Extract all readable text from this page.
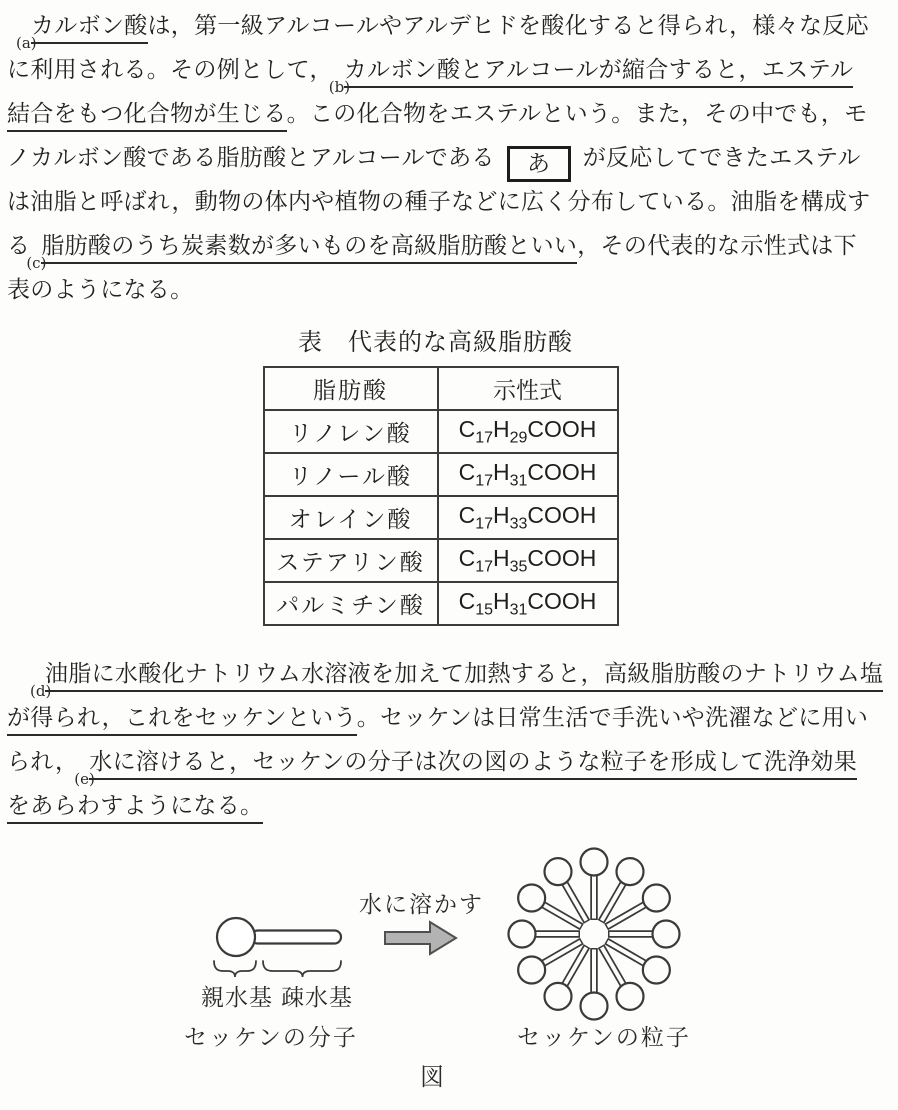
カルボン酸
(a)
は，第一級アルコールやアルデヒドを酸化すると得られ，様々な反応
に利用される。その例として， カルボン酸とアルコールが縮合すると，エステル
(b)
結合をもつ化合物が生じる。この化合物をエステルという。また，その中でも，モ
ノカルボン酸である脂肪酸とアルコールである あ が反応してできたエステル
は油脂と呼ばれ，動物の体内や植物の種子などに広く分布している。油脂を構成す
る 脂肪酸のうち炭素数が多いものを高級脂肪酸といい
(c)
，その代表的な示性式は下
表のようになる。
表　代表的な高級脂肪酸
脂肪酸	示性式
リノレン酸	$C_{17}H_{29}COOH$
リノール酸	$C_{17}H_{31}COOH$
オレイン酸	$C_{17}H_{33}COOH$
ステアリン酸	$C_{17}H_{35}COOH$
パルミチン酸	$C_{15}H_{31}COOH$
油脂に水酸化ナトリウム水溶液を加えて加熱すると，高級脂肪酸のナトリウム塩
(d)
が得られ，これをセッケンという。セッケンは日常生活で手洗いや洗濯などに用い
られ， 水に溶けると，セッケンの分子は次の図のような粒子を形成して洗浄効果
(e)
をあらわすようになる。
親水基 疎水基
セッケンの分子
水に溶かす
セッケンの粒子
図
